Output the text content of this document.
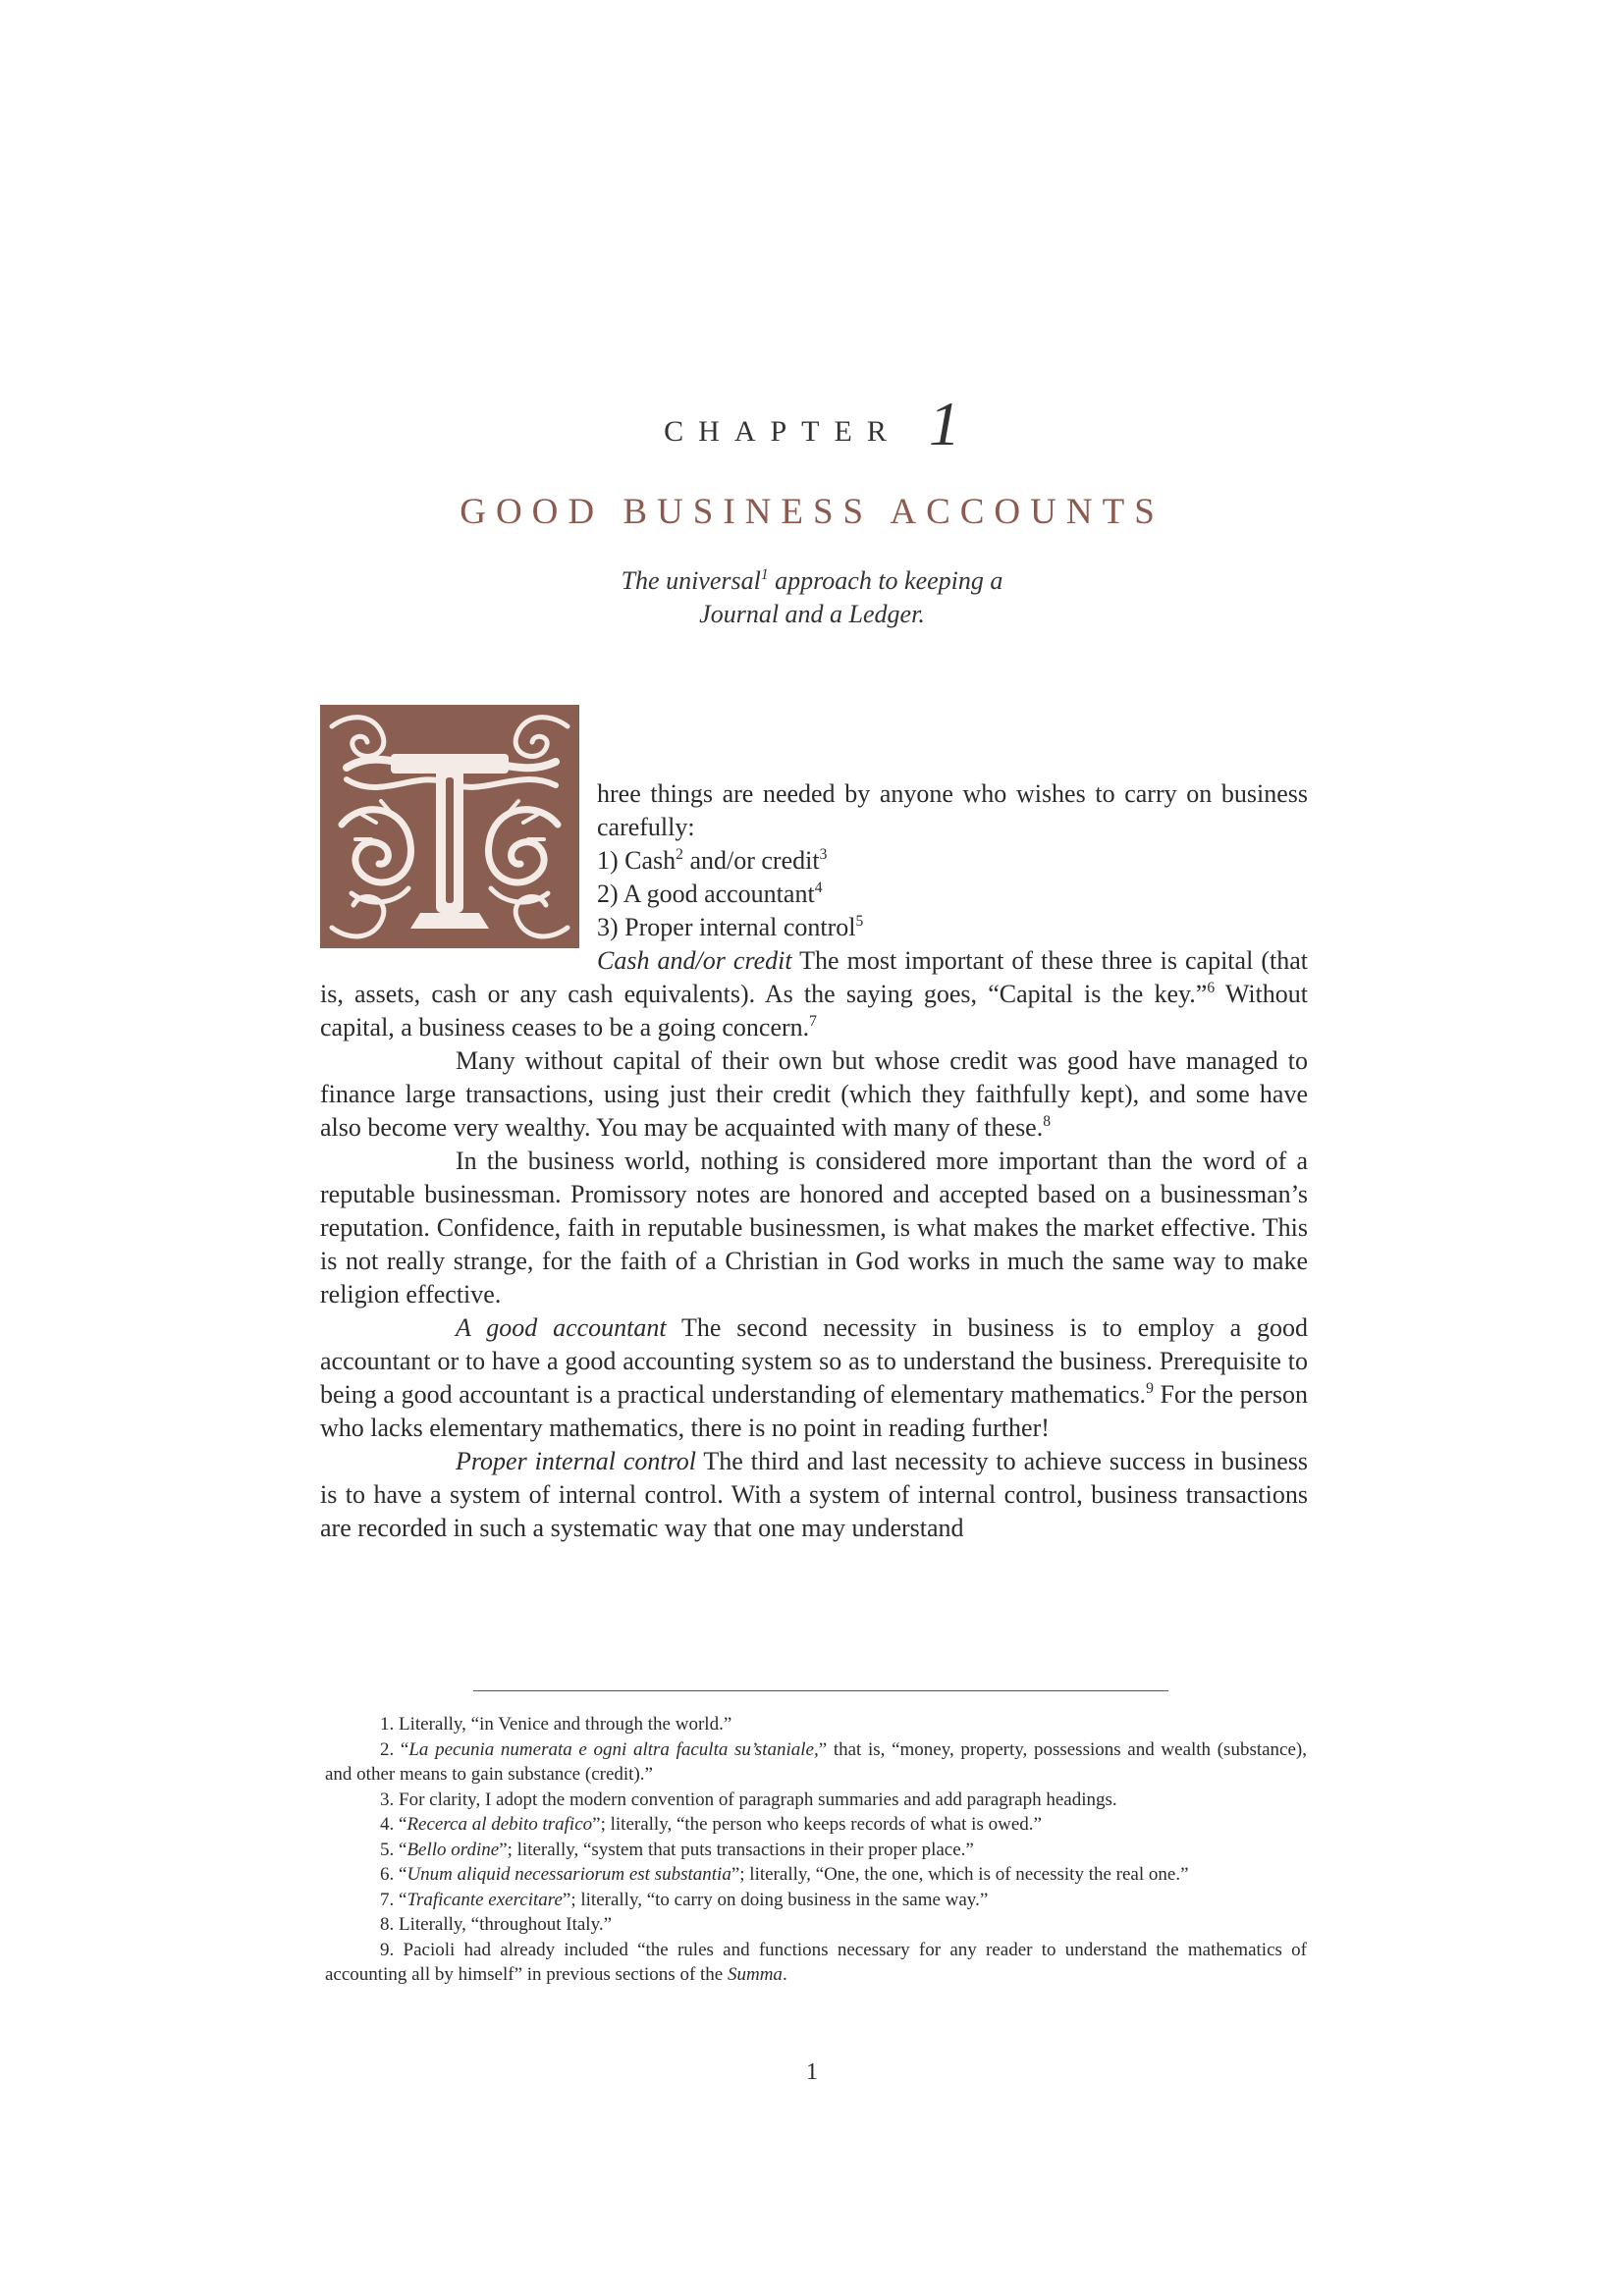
CHAPTER 1
GOOD BUSINESS ACCOUNTS
The universal$^1$ approach to keeping a
Journal and a Ledger.

hree things are needed by anyone who wishes to carry on business carefully:

1) Cash$^2$ and/or credit$^3$
2) A good accountant$^4$
3) Proper internal control$^5$

Cash and/or credit The most important of these three is capital (that is, assets, cash or any cash equivalents). As the saying goes, “Capital is the key.”$^6$ Without capital, a business ceases to be a going concern.$^7$

Many without capital of their own but whose credit was good have managed to finance large transactions, using just their credit (which they faithfully kept), and some have also become very wealthy. You may be acquainted with many of these.$^8$

In the business world, nothing is considered more important than the word of a reputable businessman. Promissory notes are honored and accepted based on a businessman’s reputation. Confidence, faith in reputable businessmen, is what makes the market effective. This is not really strange, for the faith of a Christian in God works in much the same way to make religion effective.

A good accountant The second necessity in business is to employ a good accountant or to have a good accounting system so as to understand the business. Prerequisite to being a good accountant is a practical understanding of elementary mathematics.$^9$ For the person who lacks elementary mathematics, there is no point in reading further!

Proper internal control The third and last necessity to achieve success in business is to have a system of internal control. With a system of internal control, business transactions are recorded in such a systematic way that one may understand

1. Literally, “in Venice and through the world.”

2. “La pecunia numerata e ogni altra faculta su’staniale,” that is, “money, property, possessions and wealth (substance), and other means to gain substance (credit).”

3. For clarity, I adopt the modern convention of paragraph summaries and add paragraph headings.

4. “Recerca al debito trafico”; literally, “the person who keeps records of what is owed.”

5. “Bello ordine”; literally, “system that puts transactions in their proper place.”

6. “Unum aliquid necessariorum est substantia”; literally, “One, the one, which is of necessity the real one.”

7. “Traficante exercitare”; literally, “to carry on doing business in the same way.”

8. Literally, “throughout Italy.”

9. Pacioli had already included “the rules and functions necessary for any reader to understand the mathematics of accounting all by himself” in previous sections of the Summa.

1
